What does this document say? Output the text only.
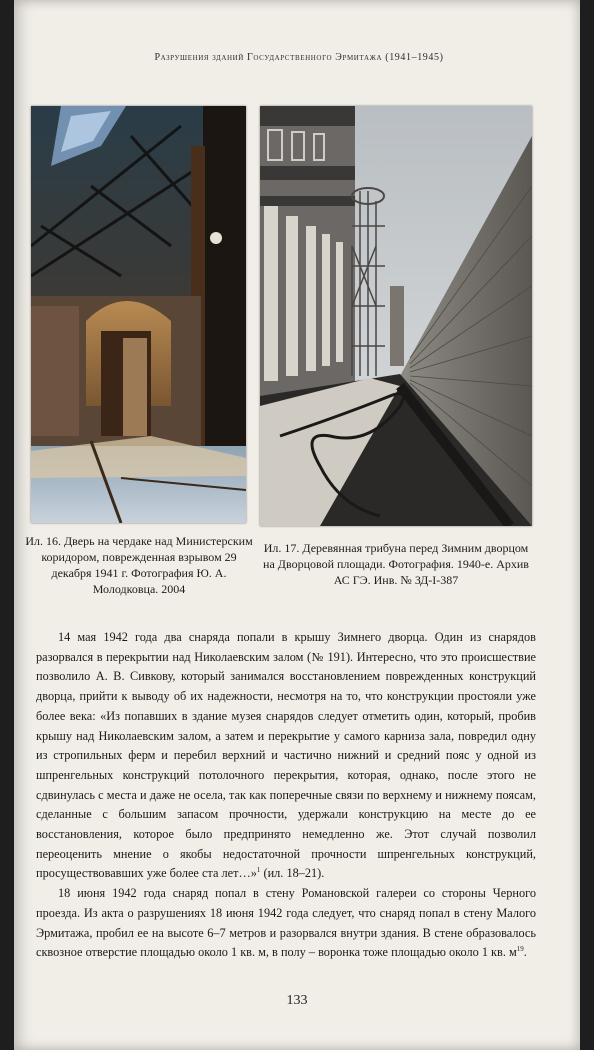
Разрушения зданий Государственного Эрмитажа (1941–1945)
Ил. 16. Дверь на чердаке над Министерским коридором, поврежденная взрывом 29 декабря 1941 г. Фотография Ю. А. Молодковца. 2004
Ил. 17. Деревянная трибуна перед Зимним дворцом на Дворцовой площади. Фотография. 1940-е. Архив АС ГЭ. Инв. № ЗД-I-387

14 мая 1942 года два снаряда попали в крышу Зимнего дворца. Один из снарядов разорвался в перекрытии над Николаевским залом (№ 191). Интересно, что это происшествие позволило А. В. Сивкову, который занимался восстановлением поврежденных конструкций дворца, прийти к выводу об их надежности, несмотря на то, что конструкции простояли уже более века: «Из попавших в здание музея снарядов следует отметить один, который, пробив крышу над Николаевским залом, а затем и перекрытие у самого карниза зала, повредил одну из стропильных ферм и перебил верхний и частично нижний и средний пояс у одной из шпренгельных конструкций потолочного перекрытия, которая, однако, после этого не сдвинулась с места и даже не осела, так как поперечные связи по верхнему и нижнему поясам, сделанные с большим запасом прочности, удержали конструкцию на месте до ее восстановления, которое было предпринято немедленно же. Этот случай позволил переоценить мнение о якобы недостаточной прочности шпренгельных конструкций, просуществовавших уже более ста лет…»$^1$ (ил. 18–21).

18 июня 1942 года снаряд попал в стену Романовской галереи со стороны Черного проезда. Из акта о разрушениях 18 июня 1942 года следует, что снаряд попал в стену Малого Эрмитажа, пробил ее на высоте 6–7 метров и разорвался внутри здания. В стене образовалось сквозное отверстие площадью около 1 кв. м, в полу – воронка тоже площадью около 1 кв. $м^{19}$.

133
